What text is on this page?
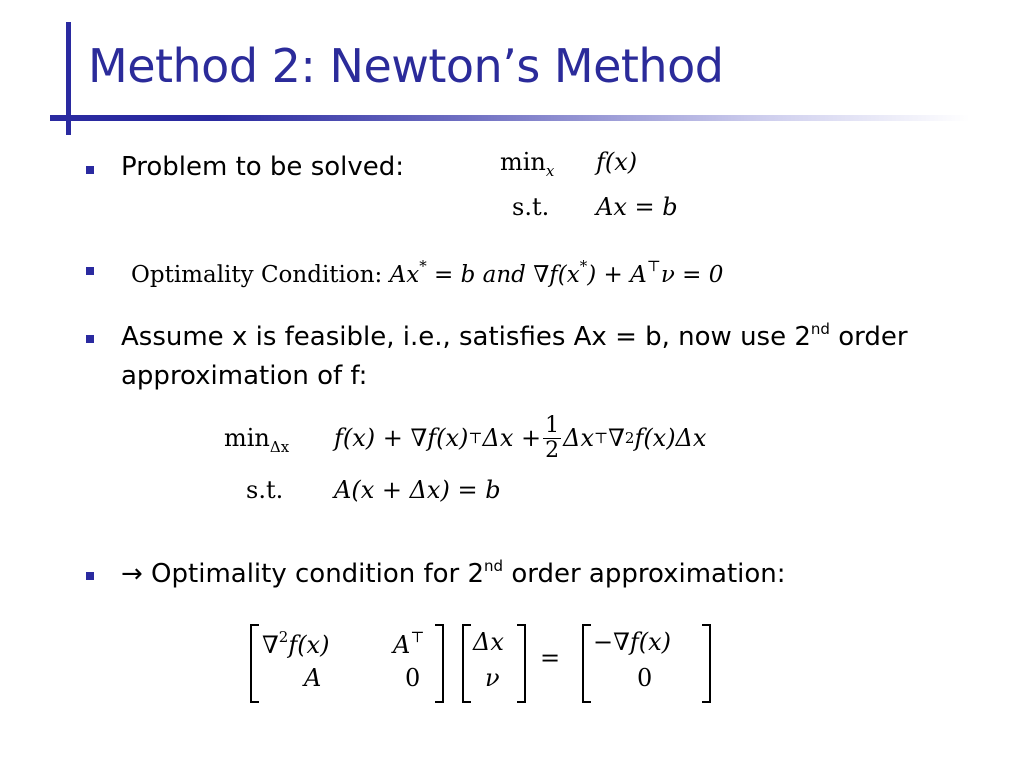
Method 2: Newton’s Method
Problem to be solved:	$\min_x f(x)$
s.t. Ax = b
Optimality Condition: Ax* = b and ∇f(x*) + A⊤ν = 0
Assume x is feasible, i.e., satisfies Ax = b, now use 2nd order
approximation of f:
$\min_{\Delta x} f(x) + \nabla f(x)$ ⊤ $\Delta x + \frac{1}{2}$ Δx ⊤ ∇ 2 f(x)Δx
s.t. A(x + Δx) = b
→ Optimality condition for 2nd order approximation:
∇$^2$f(x)	A⊤
A	0
Δx
ν
=
−∇f(x)
0
